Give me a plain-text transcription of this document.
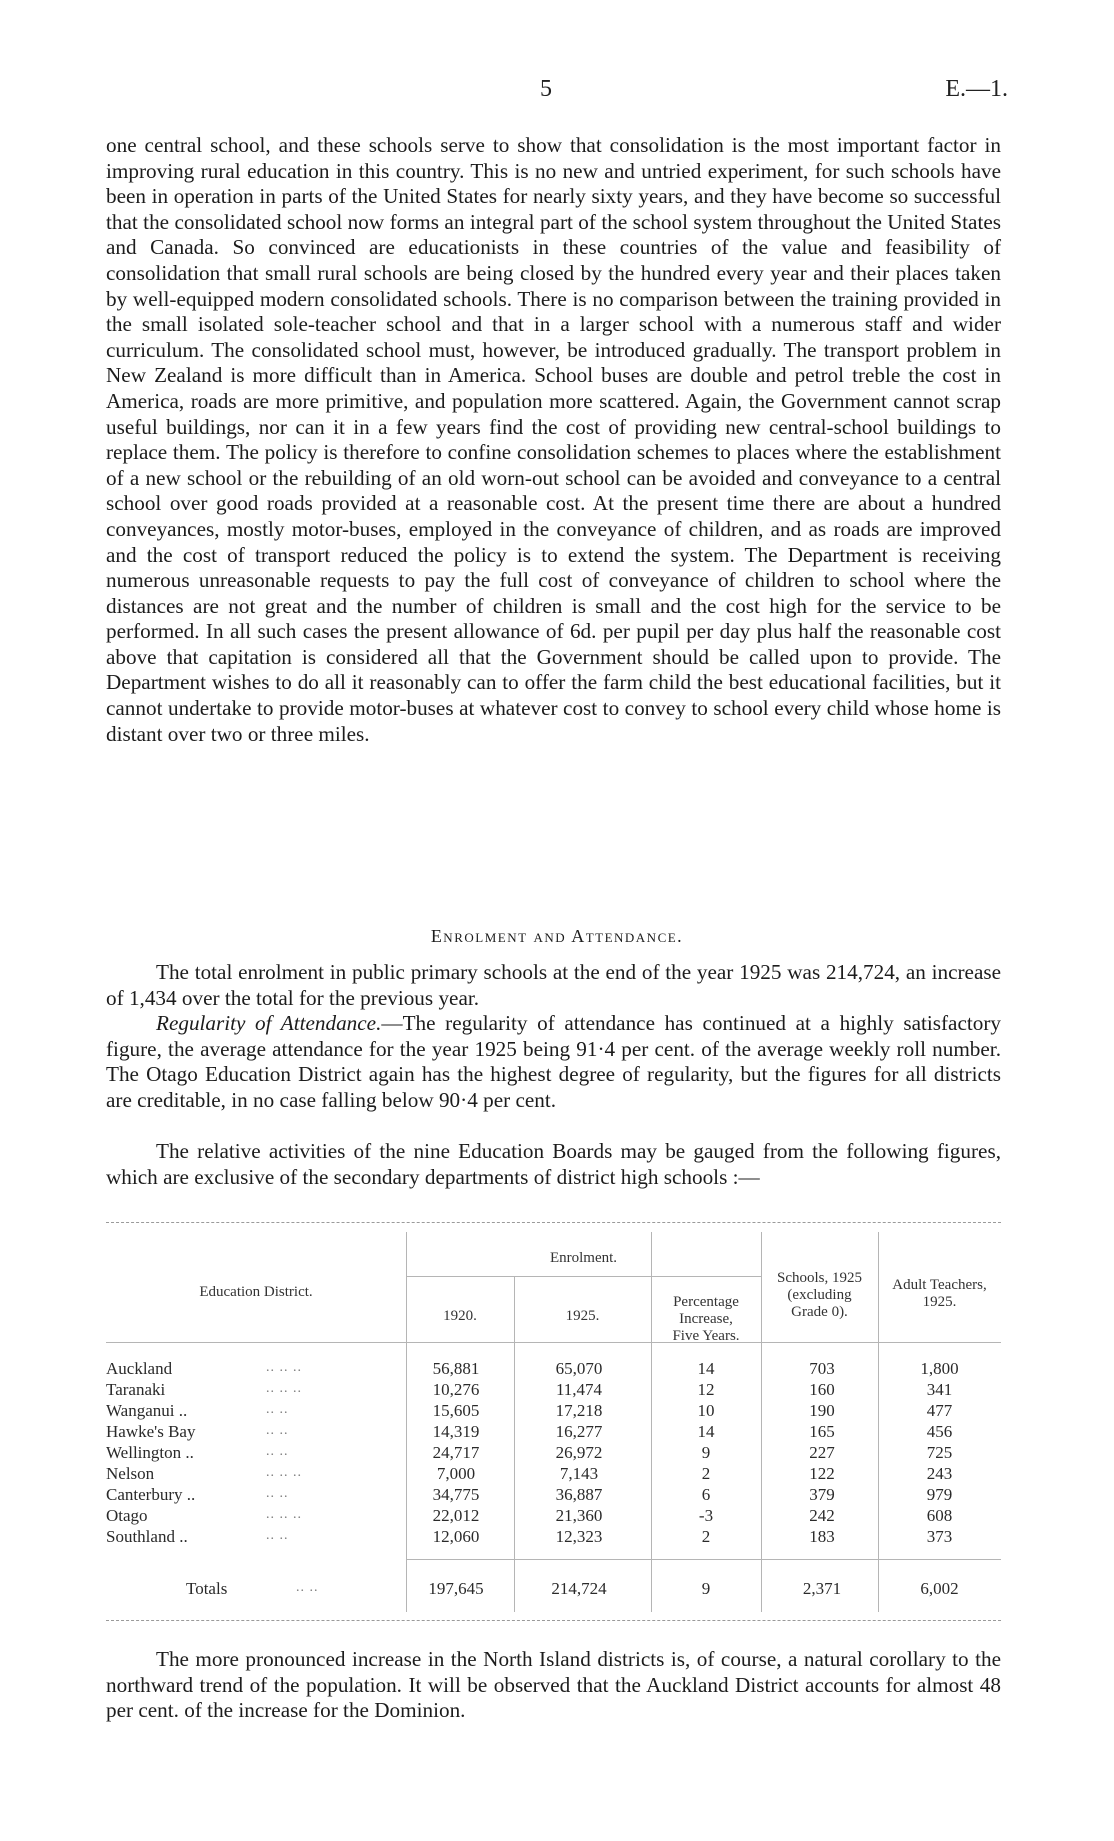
5	E.—1.

one central school, and these schools serve to show that consolidation is the most important factor in improving rural education in this country. This is no new and untried experiment, for such schools have been in operation in parts of the United States for nearly sixty years, and they have become so successful that the consolidated school now forms an integral part of the school system throughout the United States and Canada. So convinced are educationists in these countries of the value and feasibility of consolidation that small rural schools are being closed by the hundred every year and their places taken by well-equipped modern consolidated schools. There is no comparison between the training provided in the small isolated sole-teacher school and that in a larger school with a numerous staff and wider curriculum. The consolidated school must, however, be introduced gradually. The transport problem in New Zealand is more difficult than in America. School buses are double and petrol treble the cost in America, roads are more primitive, and population more scattered. Again, the Government cannot scrap useful buildings, nor can it in a few years find the cost of providing new central-school buildings to replace them. The policy is therefore to confine consolidation schemes to places where the establishment of a new school or the rebuilding of an old worn-out school can be avoided and conveyance to a central school over good roads provided at a reasonable cost. At the present time there are about a hundred conveyances, mostly motor-buses, employed in the conveyance of children, and as roads are improved and the cost of transport reduced the policy is to extend the system. The Department is receiving numerous unreasonable requests to pay the full cost of conveyance of children to school where the distances are not great and the number of children is small and the cost high for the service to be performed. In all such cases the present allowance of 6d. per pupil per day plus half the reasonable cost above that capitation is considered all that the Government should be called upon to provide. The Department wishes to do all it reasonably can to offer the farm child the best educational facilities, but it cannot undertake to provide motor-buses at whatever cost to convey to school every child whose home is distant over two or three miles.

Enrolment and Attendance.

The total enrolment in public primary schools at the end of the year 1925 was 214,724, an increase of 1,434 over the total for the previous year.

Regularity of Attendance.—The regularity of attendance has continued at a highly satisfactory figure, the average attendance for the year 1925 being 91·4 per cent. of the average weekly roll number. The Otago Education District again has the highest degree of regularity, but the figures for all districts are creditable, in no case falling below 90·4 per cent.

The relative activities of the nine Education Boards may be gauged from the following figures, which are exclusive of the secondary departments of district high schools :—

Education District.
Enrolment.
1920.	1925.
Percentage
Increase,
Five Years.
Schools, 1925
(excluding
Grade 0).
Adult Teachers,
1925.
Auckland	.. .. ..	56,881	65,070	14	703	1,800
Taranaki	.. .. ..	10,276	11,474	12	160	341
Wanganui ..	.. ..	15,605	17,218	10	190	477
Hawke's Bay	.. ..	14,319	16,277	14	165	456
Wellington ..	.. ..	24,717	26,972	9	227	725
Nelson	.. .. ..	7,000	7,143	2	122	243
Canterbury ..	.. ..	34,775	36,887	6	379	979
Otago	.. .. ..	22,012	21,360	-3	242	608
Southland ..	.. ..	12,060	12,323	2	183	373
Totals	.. ..	197,645	214,724	9	2,371	6,002

The more pronounced increase in the North Island districts is, of course, a natural corollary to the northward trend of the population. It will be observed that the Auckland District accounts for almost 48 per cent. of the increase for the Dominion.
